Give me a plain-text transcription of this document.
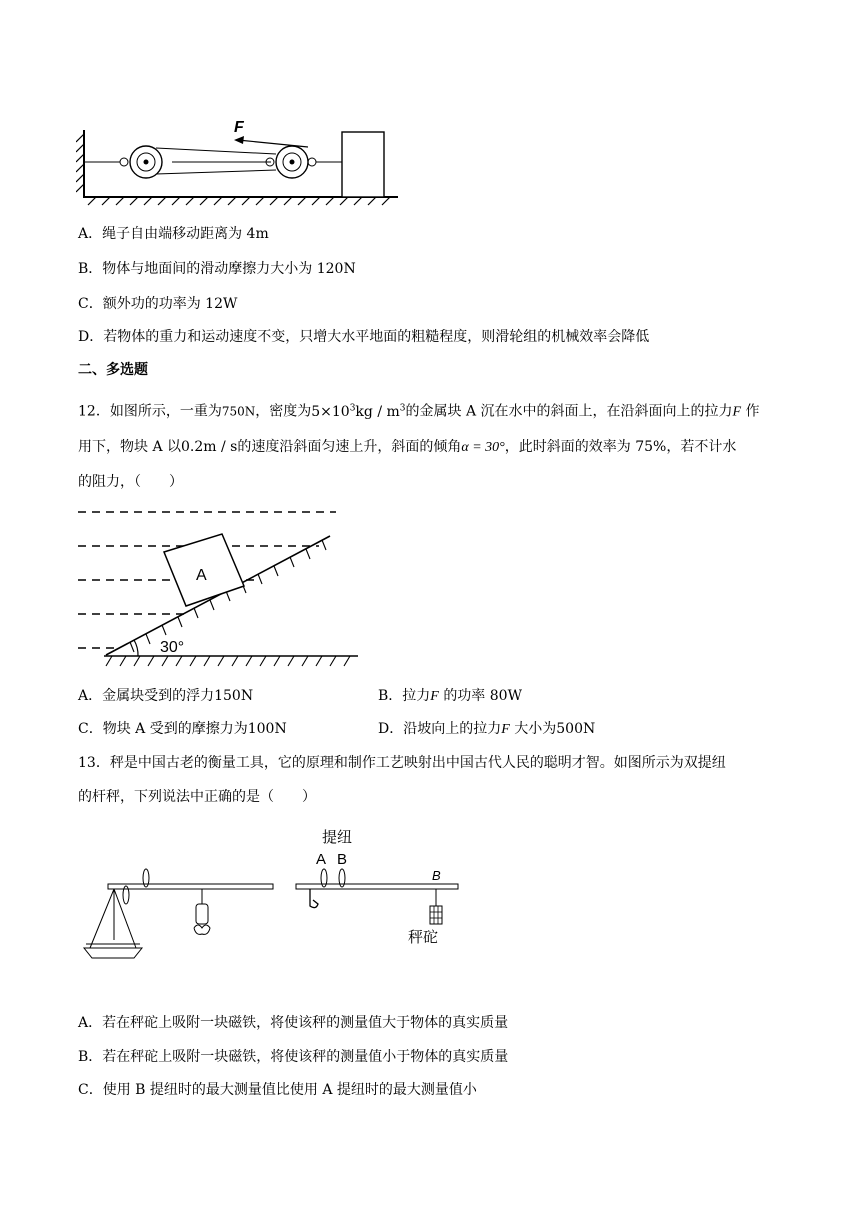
F
A．绳子自由端移动距离为 4m
B．物体与地面间的滑动摩擦力大小为 120N
C．额外功的功率为 12W
D．若物体的重力和运动速度不变，只增大水平地面的粗糙程度，则滑轮组的机械效率会降低
二、多选题
12．如图所示，一重为750N，密度为$5\times 10^3kg / m^3$的金属块 A 沉在水中的斜面上，在沿斜面向上的拉力F 作
用下，物块 A 以0.2m / s的速度沿斜面匀速上升，斜面的倾角α = 30°，此时斜面的效率为 75%，若不计水
的阻力，（　　）
A
30°
A．金属块受到的浮力150N	B．拉力F 的功率 80W
C．物块 A 受到的摩擦力为100N	D．沿坡向上的拉力F 大小为500N
13．秤是中国古老的衡量工具，它的原理和制作工艺映射出中国古代人民的聪明才智。如图所示为双提纽
的杆秤，下列说法中正确的是（　　）
提纽
A B
B
秤砣
A．若在秤砣上吸附一块磁铁，将使该秤的测量值大于物体的真实质量
B．若在秤砣上吸附一块磁铁，将使该秤的测量值小于物体的真实质量
C．使用 B 提纽时的最大测量值比使用 A 提纽时的最大测量值小
